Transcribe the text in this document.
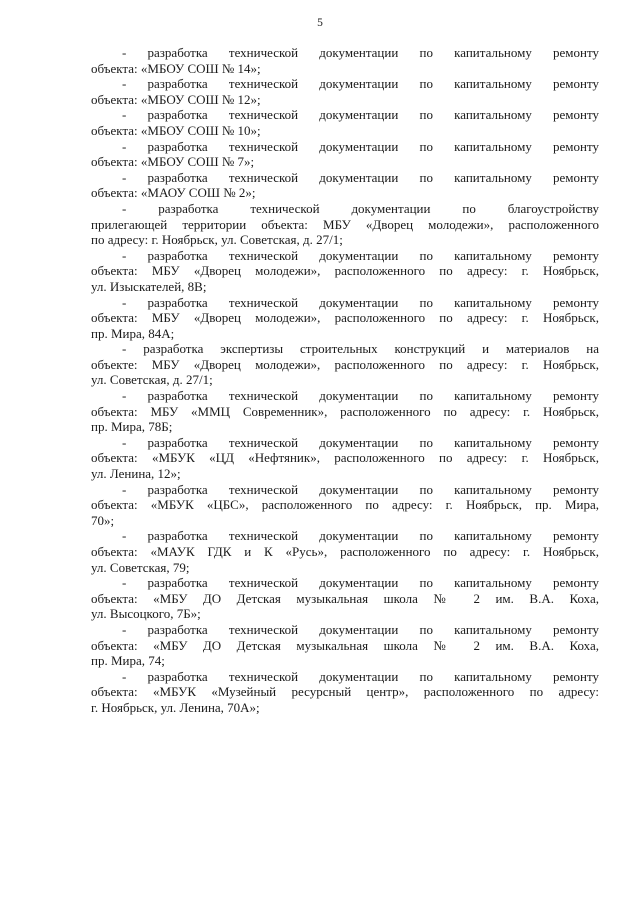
5

- разработка технической документации по капитальному ремонту
объекта: «МБОУ СОШ № 14»;

- разработка технической документации по капитальному ремонту
объекта: «МБОУ СОШ № 12»;

- разработка технической документации по капитальному ремонту
объекта: «МБОУ СОШ № 10»;

- разработка технической документации по капитальному ремонту
объекта: «МБОУ СОШ № 7»;

- разработка технической документации по капитальному ремонту
объекта: «МАОУ СОШ № 2»;

- разработка технической документации по благоустройству
прилегающей территории объекта: МБУ «Дворец молодежи», расположенного
по адресу: г. Ноябрьск, ул. Советская, д. 27/1;

- разработка технической документации по капитальному ремонту
объекта: МБУ «Дворец молодежи», расположенного по адресу: г. Ноябрьск,
ул. Изыскателей, 8В;

- разработка технической документации по капитальному ремонту
объекта: МБУ «Дворец молодежи», расположенного по адресу: г. Ноябрьск,
пр. Мира, 84А;

- разработка экспертизы строительных конструкций и материалов на
объекте: МБУ «Дворец молодежи», расположенного по адресу: г. Ноябрьск,
ул. Советская, д. 27/1;

- разработка технической документации по капитальному ремонту
объекта: МБУ «ММЦ Современник», расположенного по адресу: г. Ноябрьск,
пр. Мира, 78Б;

- разработка технической документации по капитальному ремонту
объекта: «МБУК «ЦД «Нефтяник», расположенного по адресу: г. Ноябрьск,
ул. Ленина, 12»;

- разработка технической документации по капитальному ремонту
объекта: «МБУК «ЦБС», расположенного по адресу: г. Ноябрьск, пр. Мира,
70»;

- разработка технической документации по капитальному ремонту
объекта: «МАУК ГДК и К «Русь», расположенного по адресу: г. Ноябрьск,
ул. Советская, 79;

- разработка технической документации по капитальному ремонту
объекта: «МБУ ДО Детская музыкальная школа № 2 им. В.А. Коха,
ул. Высоцкого, 7Б»;

- разработка технической документации по капитальному ремонту
объекта: «МБУ ДО Детская музыкальная школа № 2 им. В.А. Коха,
пр. Мира, 74;

- разработка технической документации по капитальному ремонту
объекта: «МБУК «Музейный ресурсный центр», расположенного по адресу:
г. Ноябрьск, ул. Ленина, 70А»;
